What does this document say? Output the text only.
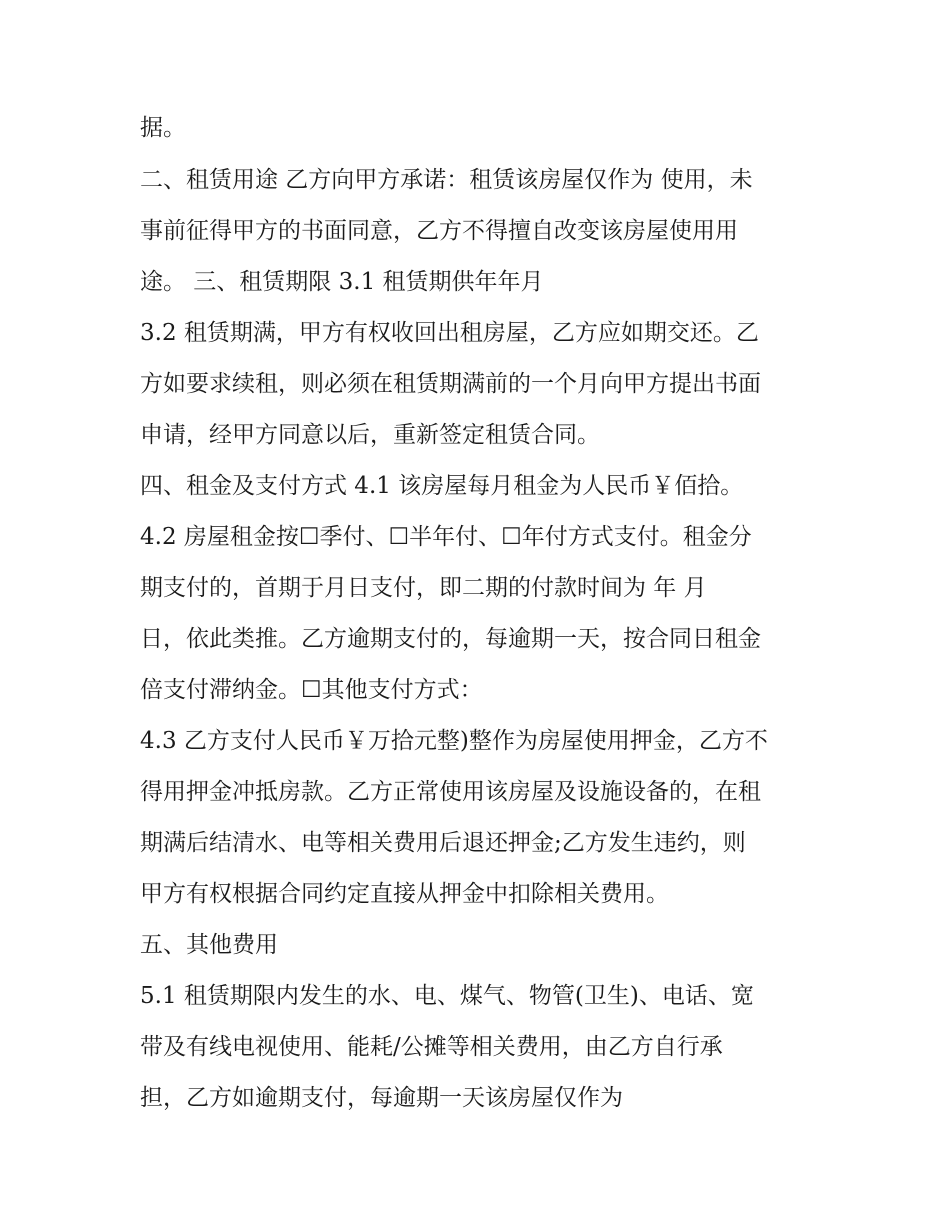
据。
二、租赁用途 乙方向甲方承诺：租赁该房屋仅作为 使用，未
事前征得甲方的书面同意，乙方不得擅自改变该房屋使用用
途。 三、租赁期限 3.1 租赁期供年年月
3.2 租赁期满，甲方有权收回出租房屋，乙方应如期交还。乙
方如要求续租，则必须在租赁期满前的一个月向甲方提出书面
申请，经甲方同意以后，重新签定租赁合同。
四、租金及支付方式 4.1 该房屋每月租金为人民币￥佰拾。
4.2 房屋租金按☐季付、☐半年付、☐年付方式支付。租金分
期支付的，首期于月日支付，即二期的付款时间为 年 月
日，依此类推。乙方逾期支付的，每逾期一天，按合同日租金
倍支付滞纳金。☐其他支付方式：
4.3 乙方支付人民币￥万拾元整)整作为房屋使用押金，乙方不
得用押金冲抵房款。乙方正常使用该房屋及设施设备的，在租
期满后结清水、电等相关费用后退还押金;乙方发生违约，则
甲方有权根据合同约定直接从押金中扣除相关费用。
五、其他费用
5.1 租赁期限内发生的水、电、煤气、物管(卫生)、电话、宽
带及有线电视使用、能耗/公摊等相关费用，由乙方自行承
担，乙方如逾期支付，每逾期一天该房屋仅作为
